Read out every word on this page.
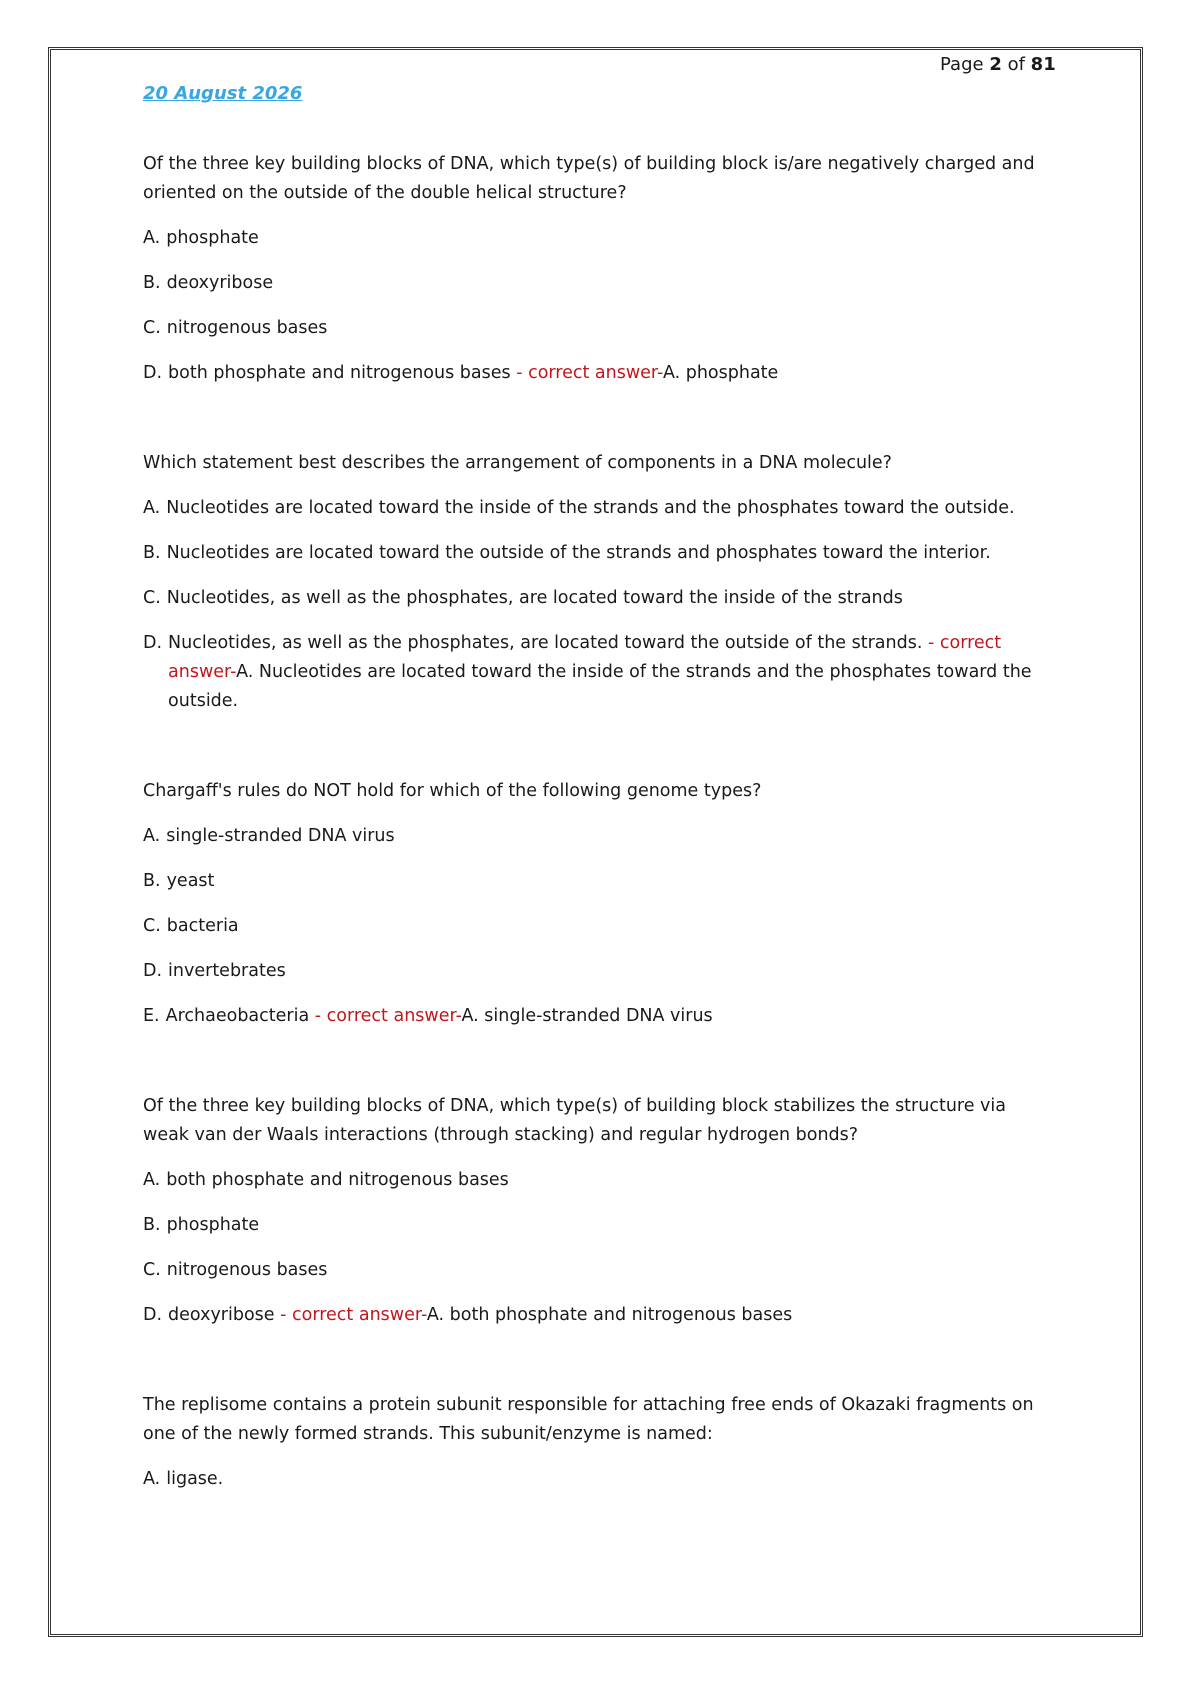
Page 2 of 81
20 August 2026

Of the three key building blocks of DNA, which type(s) of building block is/are negatively charged and oriented on the outside of the double helical structure?

A. phosphate
B. deoxyribose
C. nitrogenous bases
D. both phosphate and nitrogenous bases - correct answer-A. phosphate

Which statement best describes the arrangement of components in a DNA molecule?

A. Nucleotides are located toward the inside of the strands and the phosphates toward the outside.
B. Nucleotides are located toward the outside of the strands and phosphates toward the interior.
C. Nucleotides, as well as the phosphates, are located toward the inside of the strands
D. Nucleotides, as well as the phosphates, are located toward the outside of the strands. - correct answer-A. Nucleotides are located toward the inside of the strands and the phosphates toward the outside.

Chargaff's rules do NOT hold for which of the following genome types?

A. single-stranded DNA virus
B. yeast
C. bacteria
D. invertebrates
E. Archaeobacteria - correct answer-A. single-stranded DNA virus

Of the three key building blocks of DNA, which type(s) of building block stabilizes the structure via weak van der Waals interactions (through stacking) and regular hydrogen bonds?

A. both phosphate and nitrogenous bases
B. phosphate
C. nitrogenous bases
D. deoxyribose - correct answer-A. both phosphate and nitrogenous bases

The replisome contains a protein subunit responsible for attaching free ends of Okazaki fragments on one of the newly formed strands. This subunit/enzyme is named:

A. ligase.
